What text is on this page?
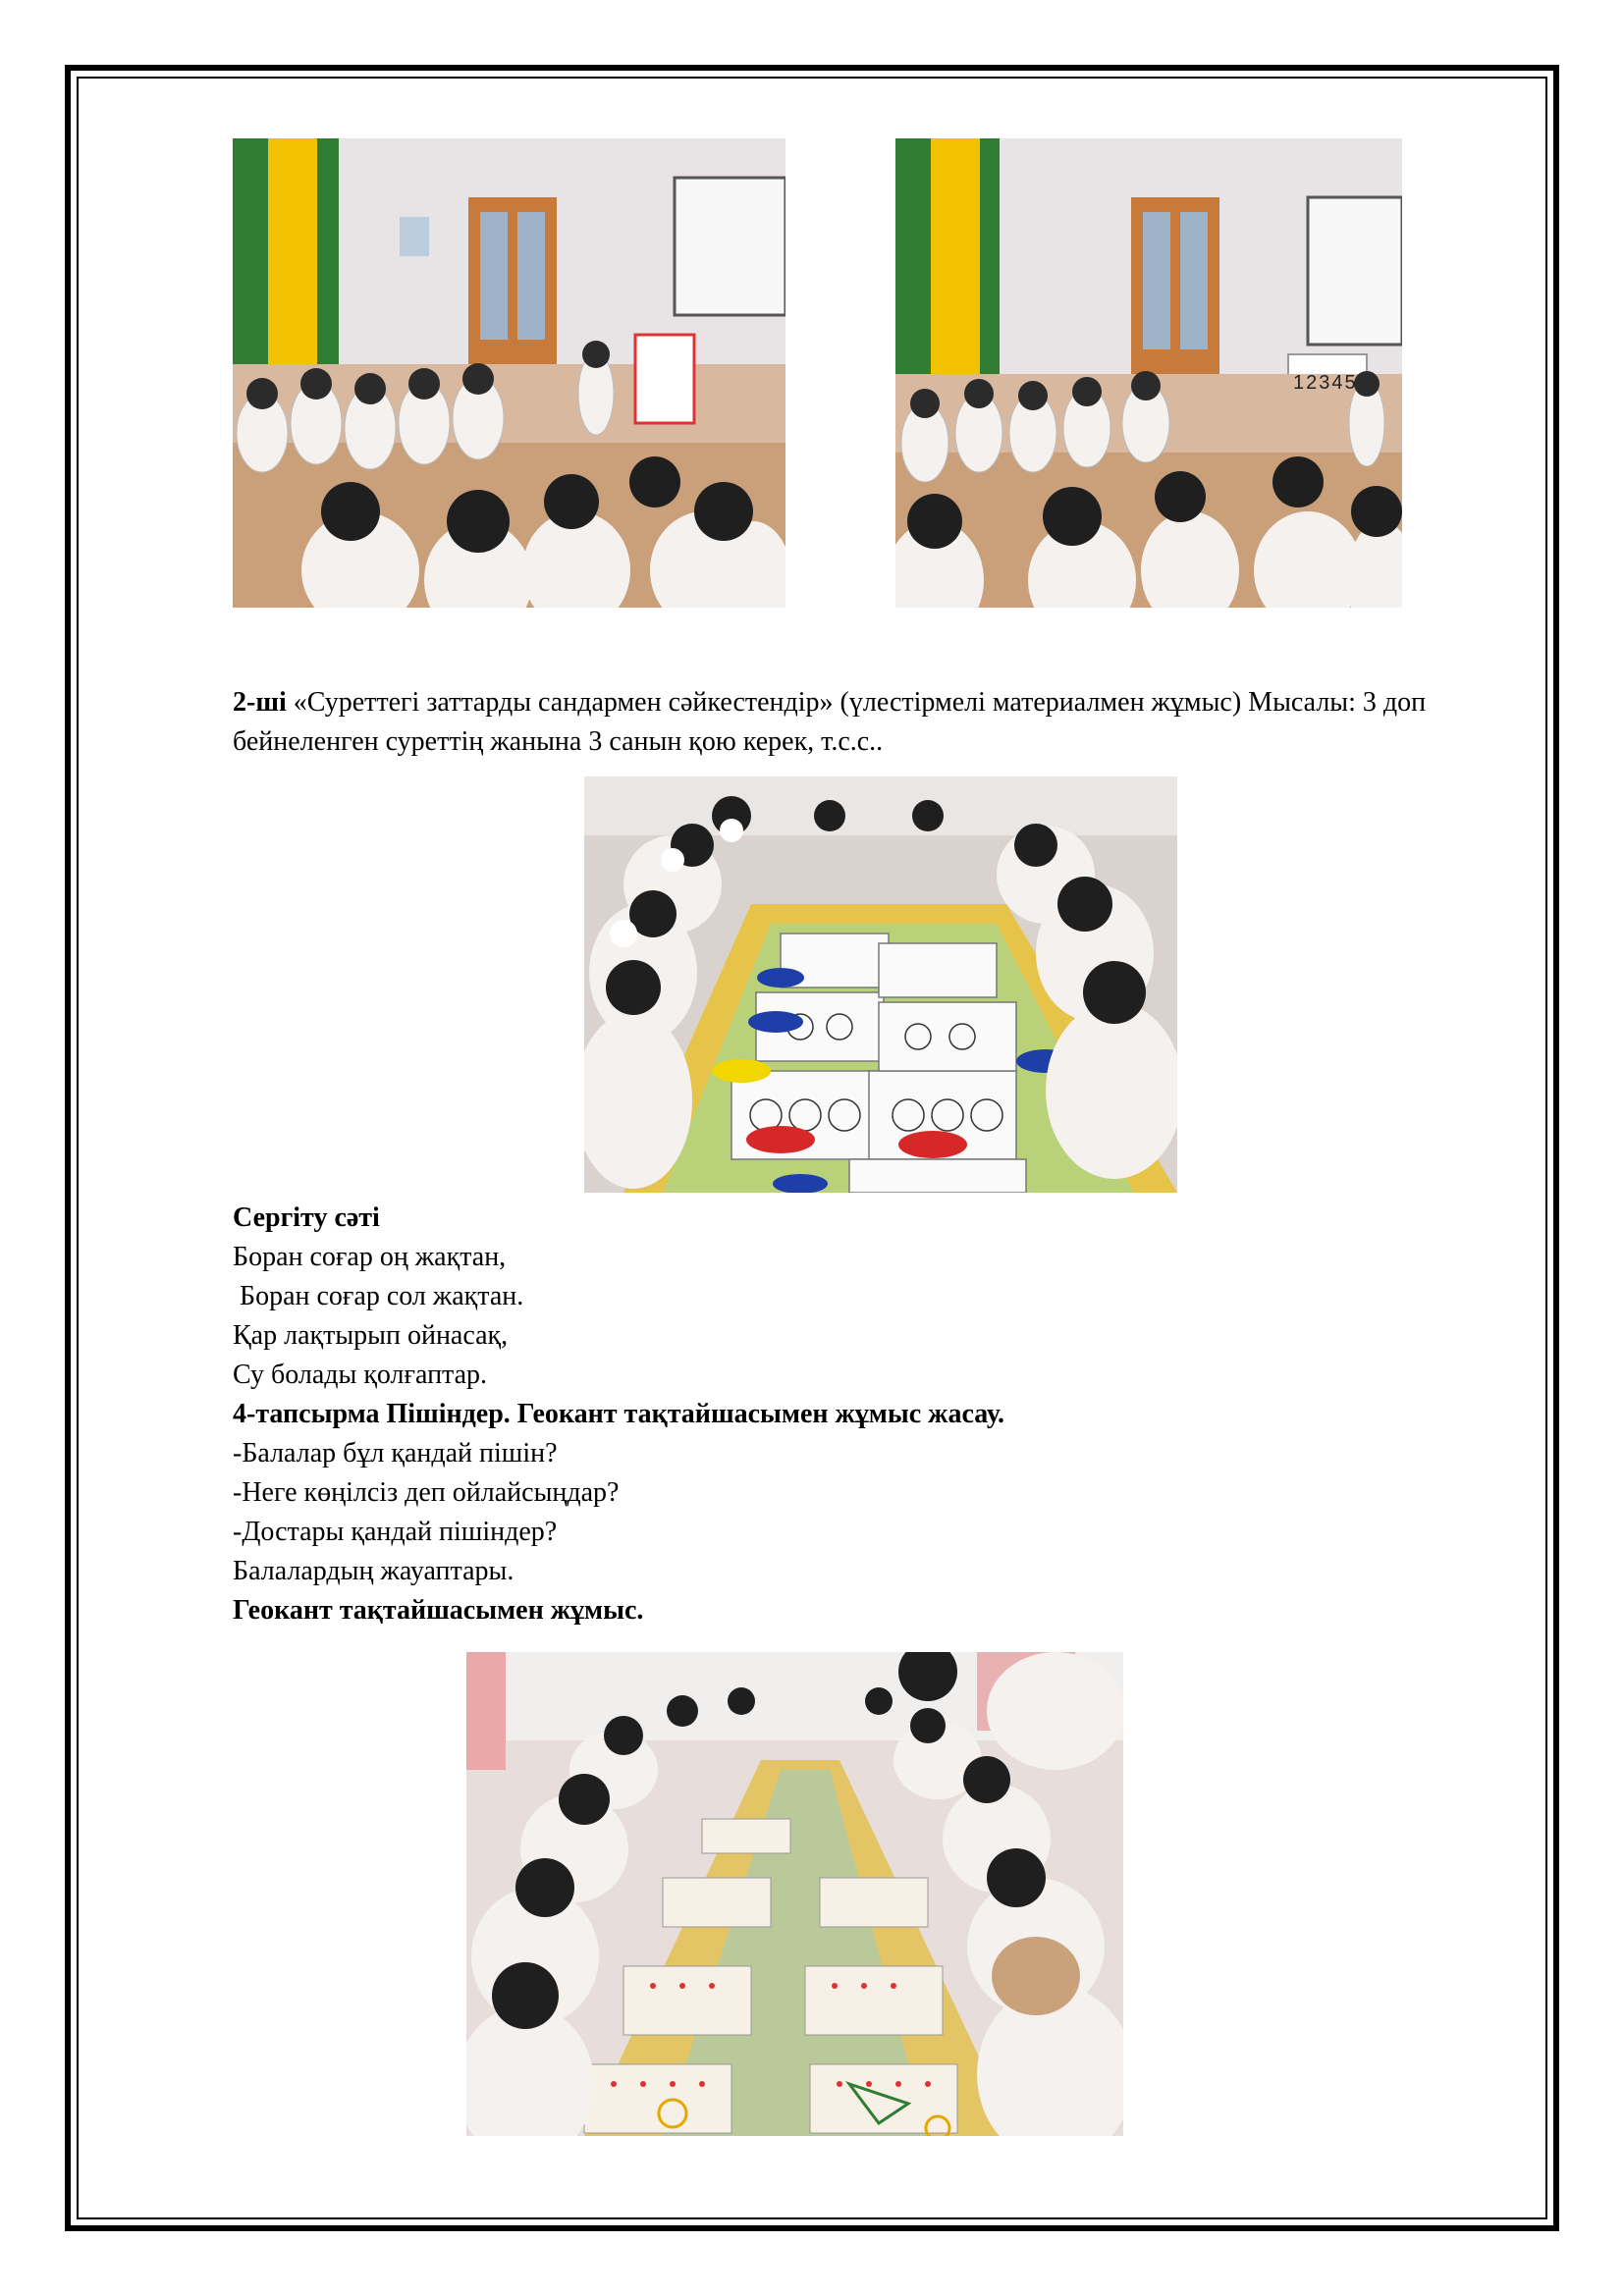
12345
2-ші «Суреттегі заттарды сандармен сәйкестендір» (үлестірмелі материалмен жұмыс) Мысалы: 3 доп бейнеленген суреттің жанына 3 санын қою керек, т.с.с..
Сергіту сәті
Боран соғар оң жақтан,
Боран соғар сол жақтан.
Қар лақтырып ойнасақ,
Су болады қолғаптар.
4-тапсырма Пішіндер. Геокант тақтайшасымен жұмыс жасау.
-Балалар бұл қандай пішін?
-Неге көңілсіз деп ойлайсыңдар?
-Достары қандай пішіндер?
Балалардың жауаптары.
Геокант тақтайшасымен жұмыс.
